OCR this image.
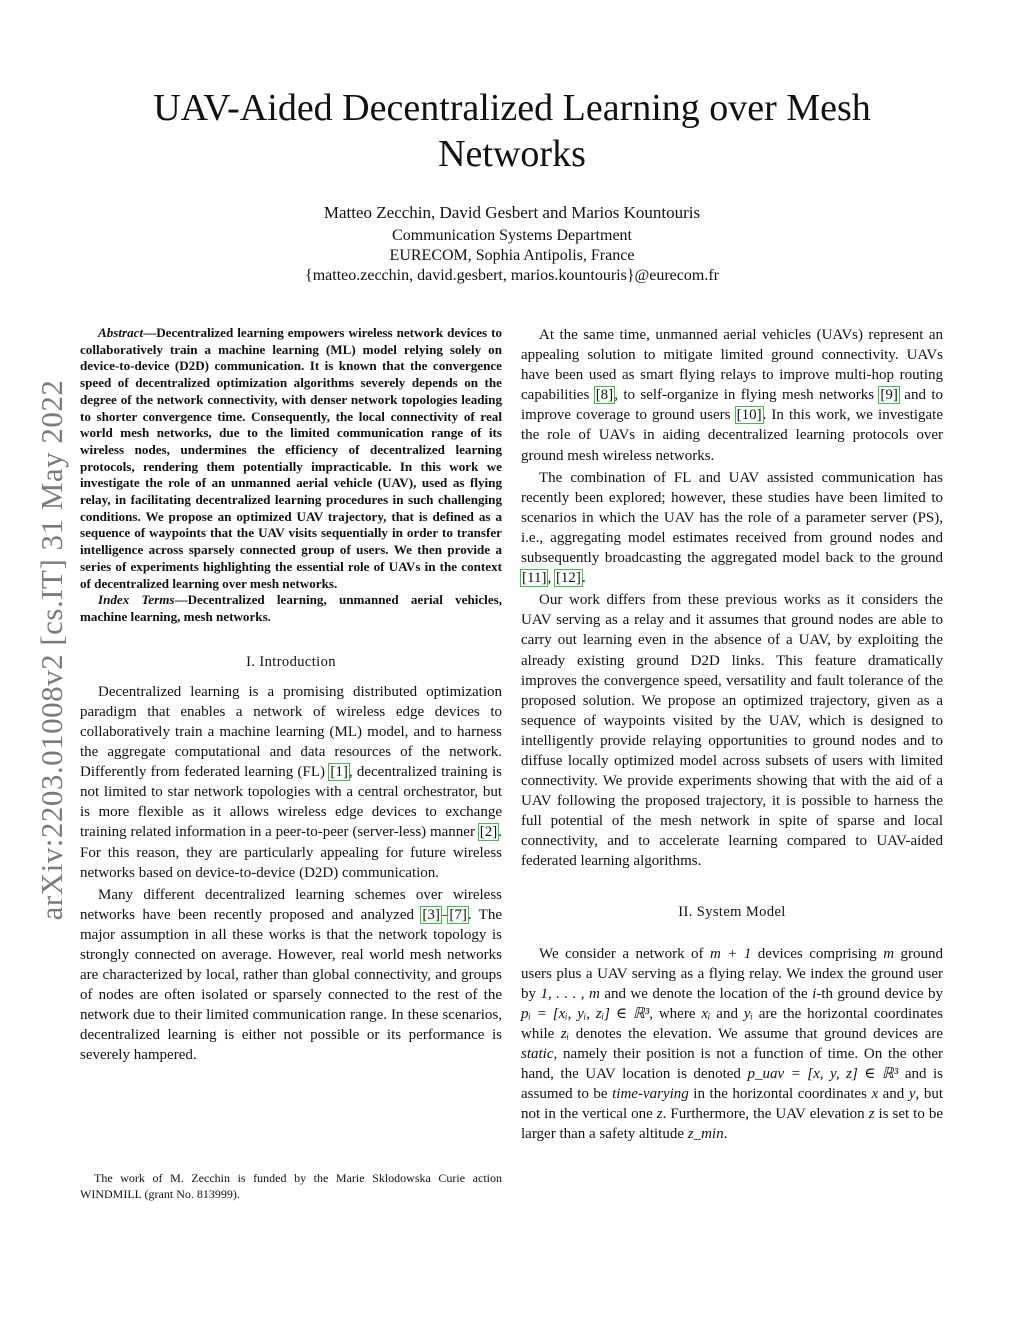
arXiv:2203.01008v2 [cs.IT] 31 May 2022
UAV-Aided Decentralized Learning over Mesh Networks
Matteo Zecchin, David Gesbert and Marios Kountouris
Communication Systems Department
EURECOM, Sophia Antipolis, France
{matteo.zecchin, david.gesbert, marios.kountouris}@eurecom.fr

Abstract—Decentralized learning empowers wireless network devices to collaboratively train a machine learning (ML) model relying solely on device-to-device (D2D) communication. It is known that the convergence speed of decentralized optimization algorithms severely depends on the degree of the network connectivity, with denser network topologies leading to shorter convergence time. Consequently, the local connectivity of real world mesh networks, due to the limited communication range of its wireless nodes, undermines the efficiency of decentralized learning protocols, rendering them potentially impracticable. In this work we investigate the role of an unmanned aerial vehicle (UAV), used as flying relay, in facilitating decentralized learning procedures in such challenging conditions. We propose an optimized UAV trajectory, that is defined as a sequence of waypoints that the UAV visits sequentially in order to transfer intelligence across sparsely connected group of users. We then provide a series of experiments highlighting the essential role of UAVs in the context of decentralized learning over mesh networks.

Index Terms—Decentralized learning, unmanned aerial vehicles, machine learning, mesh networks.

I. Introduction

Decentralized learning is a promising distributed optimization paradigm that enables a network of wireless edge devices to collaboratively train a machine learning (ML) model, and to harness the aggregate computational and data resources of the network. Differently from federated learning (FL) [1], decentralized training is not limited to star network topologies with a central orchestrator, but is more flexible as it allows wireless edge devices to exchange training related information in a peer-to-peer (server-less) manner [2]. For this reason, they are particularly appealing for future wireless networks based on device-to-device (D2D) communication.

Many different decentralized learning schemes over wireless networks have been recently proposed and analyzed [3]–[7]. The major assumption in all these works is that the network topology is strongly connected on average. However, real world mesh networks are characterized by local, rather than global connectivity, and groups of nodes are often isolated or sparsely connected to the rest of the network due to their limited communication range. In these scenarios, decentralized learning is either not possible or its performance is severely hampered.

The work of M. Zecchin is funded by the Marie Sklodowska Curie action WINDMILL (grant No. 813999).

At the same time, unmanned aerial vehicles (UAVs) represent an appealing solution to mitigate limited ground connectivity. UAVs have been used as smart flying relays to improve multi-hop routing capabilities [8], to self-organize in flying mesh networks [9] and to improve coverage to ground users [10]. In this work, we investigate the role of UAVs in aiding decentralized learning protocols over ground mesh wireless networks.

The combination of FL and UAV assisted communication has recently been explored; however, these studies have been limited to scenarios in which the UAV has the role of a parameter server (PS), i.e., aggregating model estimates received from ground nodes and subsequently broadcasting the aggregated model back to the ground [11], [12].

Our work differs from these previous works as it considers the UAV serving as a relay and it assumes that ground nodes are able to carry out learning even in the absence of a UAV, by exploiting the already existing ground D2D links. This feature dramatically improves the convergence speed, versatility and fault tolerance of the proposed solution. We propose an optimized trajectory, given as a sequence of waypoints visited by the UAV, which is designed to intelligently provide relaying opportunities to ground nodes and to diffuse locally optimized model across subsets of users with limited connectivity. We provide experiments showing that with the aid of a UAV following the proposed trajectory, it is possible to harness the full potential of the mesh network in spite of sparse and local connectivity, and to accelerate learning compared to UAV-aided federated learning algorithms.

II. System Model

We consider a network of m + 1 devices comprising m ground users plus a UAV serving as a flying relay. We index the ground user by 1, . . . , m and we denote the location of the i-th ground device by pᵢ = [xᵢ, yᵢ, zᵢ] ∈ ℝ³, where xᵢ and yᵢ are the horizontal coordinates while zᵢ denotes the elevation. We assume that ground devices are static, namely their position is not a function of time. On the other hand, the UAV location is denoted p_uav = [x, y, z] ∈ ℝ³ and is assumed to be time-varying in the horizontal coordinates x and y, but not in the vertical one z. Furthermore, the UAV elevation z is set to be larger than a safety altitude z_min.
